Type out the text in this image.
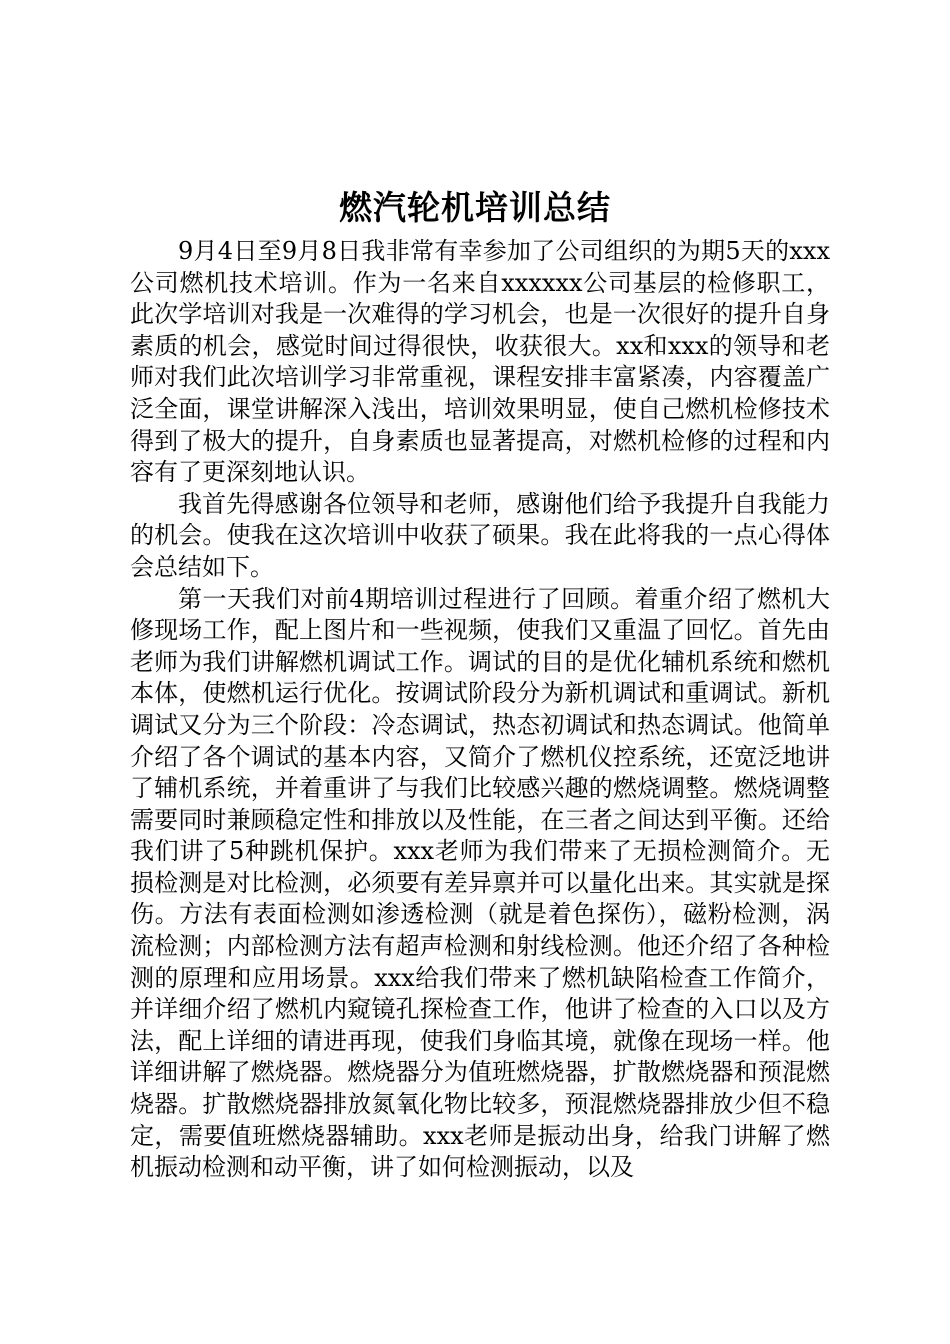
燃汽轮机培训总结

9月4日至9月8日我非常有幸参加了公司组织的为期5天的xxx公司燃机技术培训。作为一名来自xxxxxx公司基层的检修职工，此次学培训对我是一次难得的学习机会，也是一次很好的提升自身素质的机会，感觉时间过得很快，收获很大。xx和xxx的领导和老师对我们此次培训学习非常重视，课程安排丰富紧凑，内容覆盖广泛全面，课堂讲解深入浅出，培训效果明显，使自己燃机检修技术得到了极大的提升，自身素质也显著提高，对燃机检修的过程和内容有了更深刻地认识。

我首先得感谢各位领导和老师，感谢他们给予我提升自我能力的机会。使我在这次培训中收获了硕果。我在此将我的一点心得体会总结如下。

第一天我们对前4期培训过程进行了回顾。着重介绍了燃机大修现场工作，配上图片和一些视频，使我们又重温了回忆。首先由老师为我们讲解燃机调试工作。调试的目的是优化辅机系统和燃机本体，使燃机运行优化。按调试阶段分为新机调试和重调试。新机调试又分为三个阶段：冷态调试，热态初调试和热态调试。他简单介绍了各个调试的基本内容，又简介了燃机仪控系统，还宽泛地讲了辅机系统，并着重讲了与我们比较感兴趣的燃烧调整。燃烧调整需要同时兼顾稳定性和排放以及性能，在三者之间达到平衡。还给我们讲了5种跳机保护。xxx老师为我们带来了无损检测简介。无损检测是对比检测，必须要有差异禀并可以量化出来。其实就是探伤。方法有表面检测如渗透检测（就是着色探伤），磁粉检测，涡流检测；内部检测方法有超声检测和射线检测。他还介绍了各种检测的原理和应用场景。xxx给我们带来了燃机缺陷检查工作简介，并详细介绍了燃机内窥镜孔探检查工作，他讲了检查的入口以及方法，配上详细的请进再现，使我们身临其境，就像在现场一样。他详细讲解了燃烧器。燃烧器分为值班燃烧器，扩散燃烧器和预混燃烧器。扩散燃烧器排放氮氧化物比较多，预混燃烧器排放少但不稳定，需要值班燃烧器辅助。xxx老师是振动出身，给我门讲解了燃机振动检测和动平衡，讲了如何检测振动，以及
